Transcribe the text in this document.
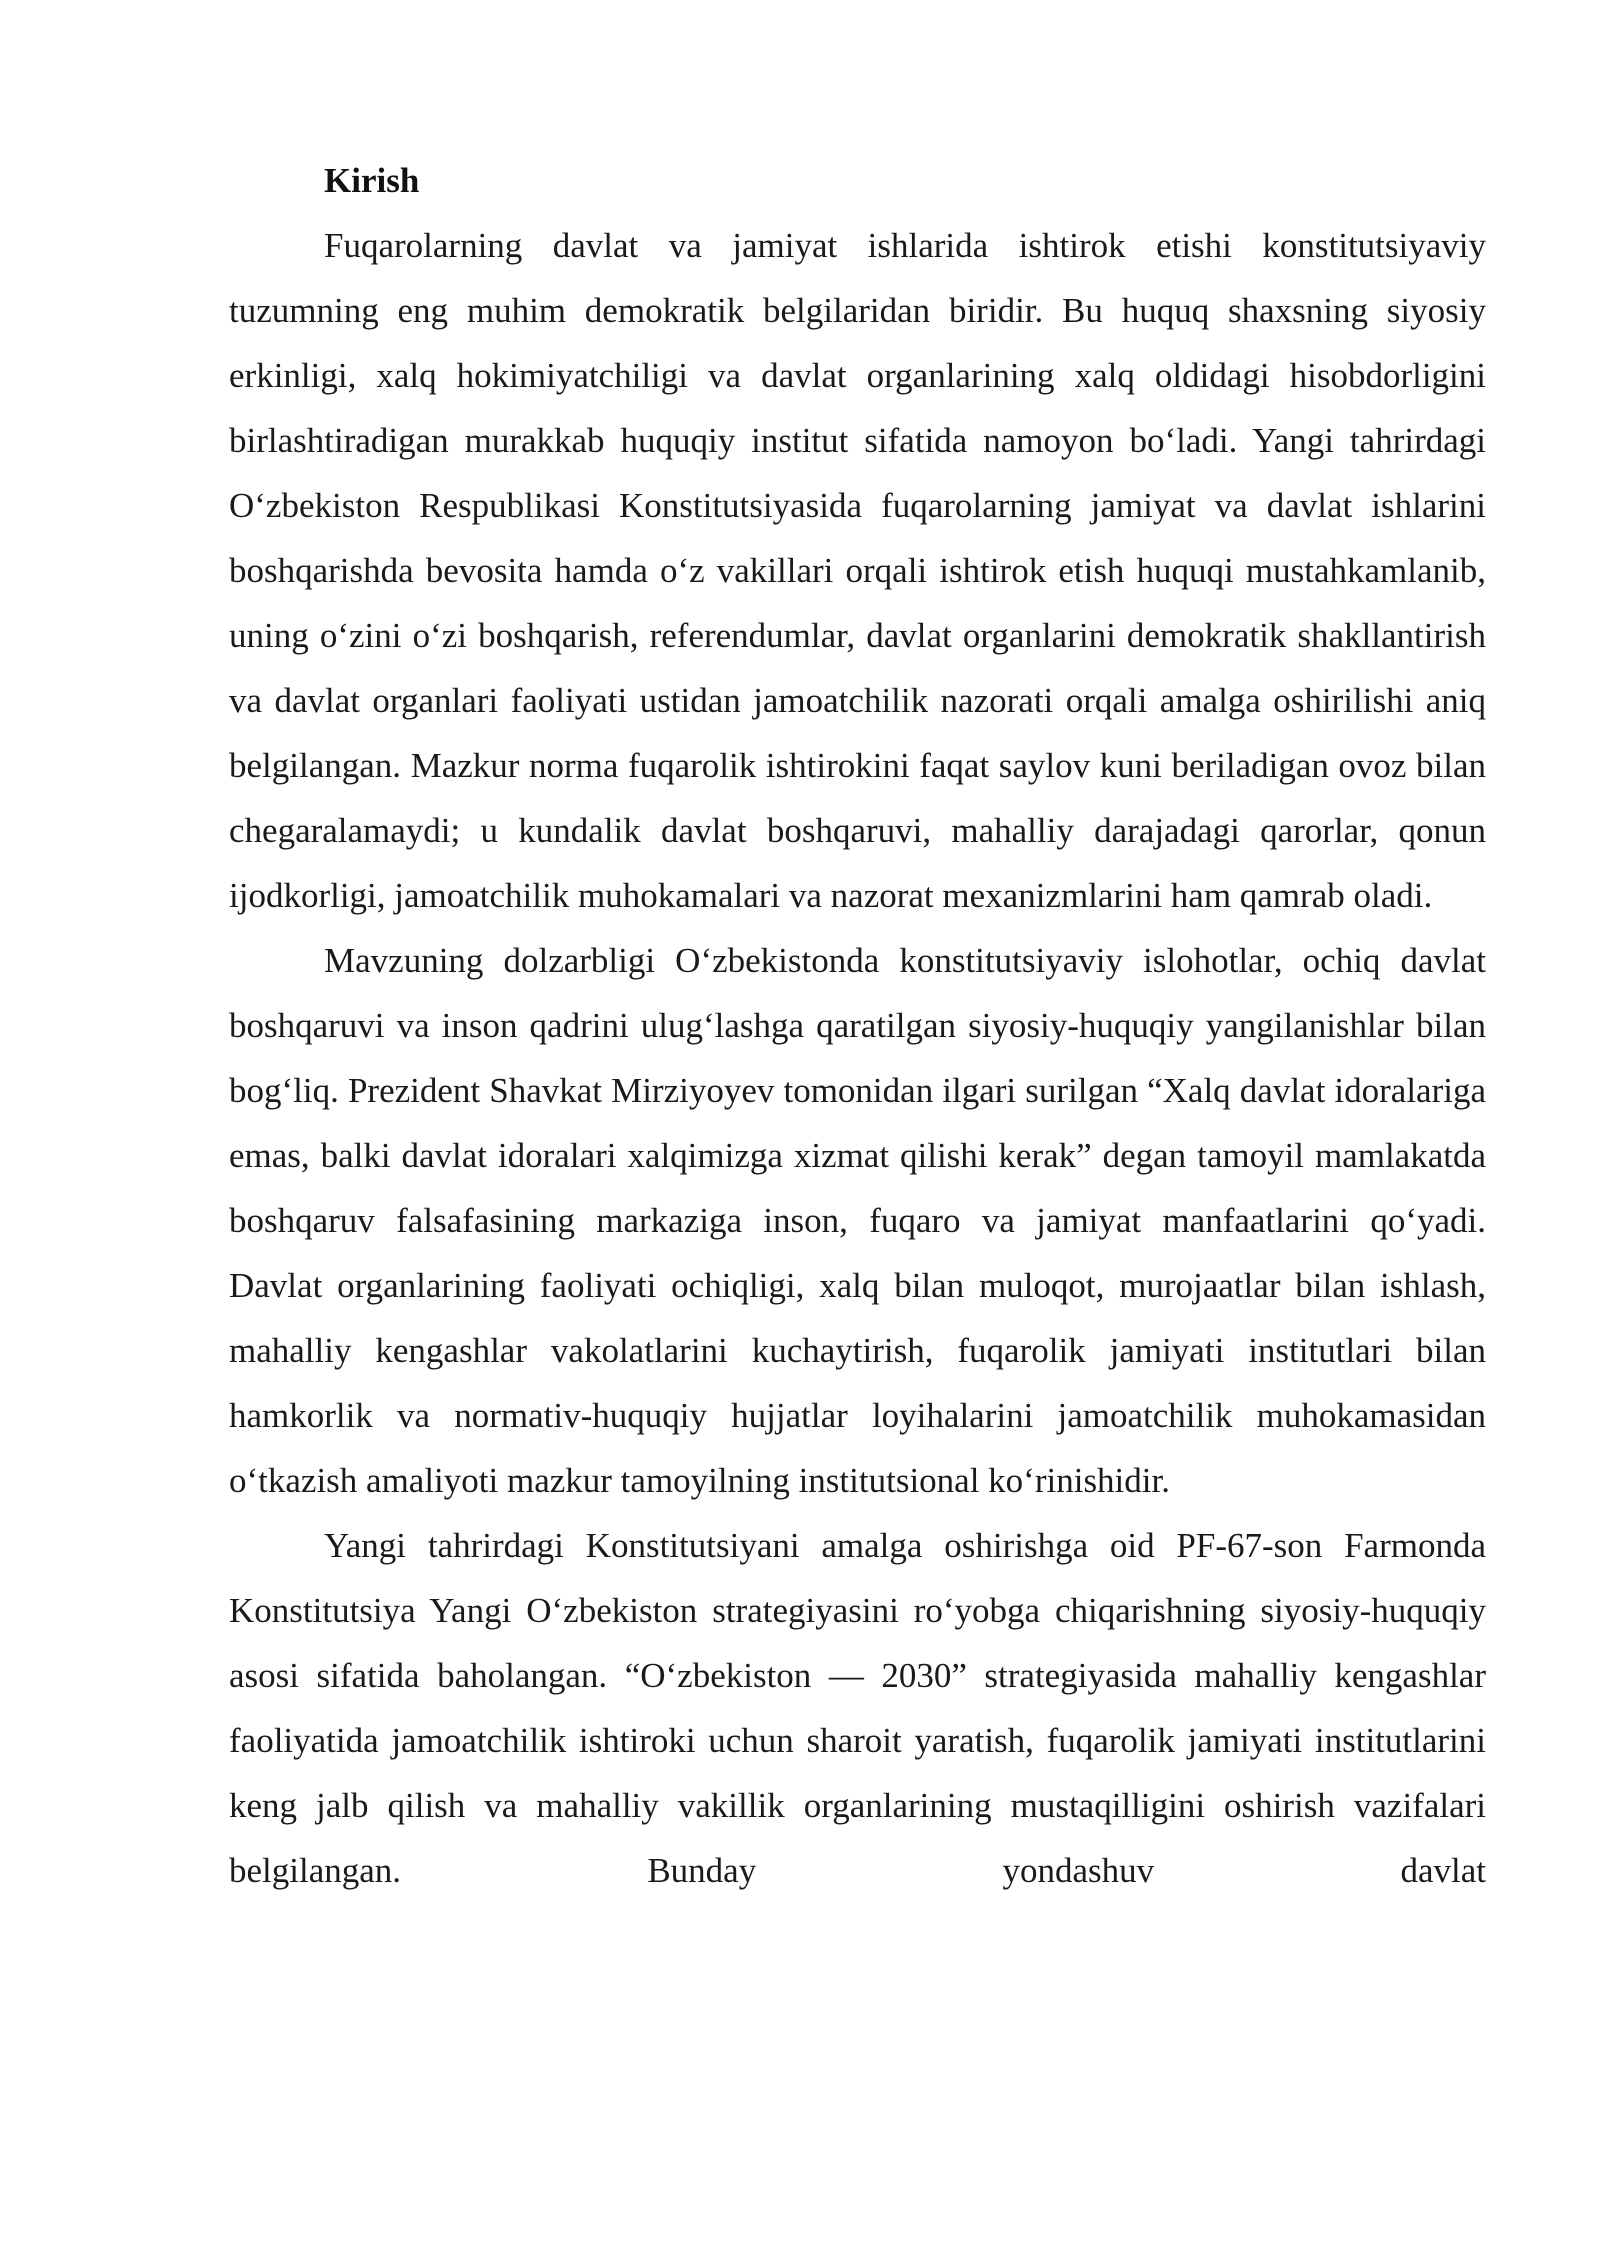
Kirish

Fuqarolarning davlat va jamiyat ishlarida ishtirok etishi konstitutsiyaviy tuzumning eng muhim demokratik belgilaridan biridir. Bu huquq shaxsning siyosiy erkinligi, xalq hokimiyatchiligi va davlat organlarining xalq oldidagi hisobdorligini birlashtiradigan murakkab huquqiy institut sifatida namoyon bo‘ladi. Yangi tahrirdagi O‘zbekiston Respublikasi Konstitutsiyasida fuqarolarning jamiyat va davlat ishlarini boshqarishda bevosita hamda o‘z vakillari orqali ishtirok etish huquqi mustahkamlanib, uning o‘zini o‘zi boshqarish, referendumlar, davlat organlarini demokratik shakllantirish va davlat organlari faoliyati ustidan jamoatchilik nazorati orqali amalga oshirilishi aniq belgilangan. Mazkur norma fuqarolik ishtirokini faqat saylov kuni beriladigan ovoz bilan chegaralamaydi; u kundalik davlat boshqaruvi, mahalliy darajadagi qarorlar, qonun ijodkorligi, jamoatchilik muhokamalari va nazorat mexanizmlarini ham qamrab oladi.

Mavzuning dolzarbligi O‘zbekistonda konstitutsiyaviy islohotlar, ochiq davlat boshqaruvi va inson qadrini ulug‘lashga qaratilgan siyosiy-huquqiy yangilanishlar bilan bog‘liq. Prezident Shavkat Mirziyoyev tomonidan ilgari surilgan “Xalq davlat idoralariga emas, balki davlat idoralari xalqimizga xizmat qilishi kerak” degan tamoyil mamlakatda boshqaruv falsafasining markaziga inson, fuqaro va jamiyat manfaatlarini qo‘yadi. Davlat organlarining faoliyati ochiqligi, xalq bilan muloqot, murojaatlar bilan ishlash, mahalliy kengashlar vakolatlarini kuchaytirish, fuqarolik jamiyati institutlari bilan hamkorlik va normativ-huquqiy hujjatlar loyihalarini jamoatchilik muhokamasidan o‘tkazish amaliyoti mazkur tamoyilning institutsional ko‘rinishidir.

Yangi tahrirdagi Konstitutsiyani amalga oshirishga oid PF-67-son Farmonda Konstitutsiya Yangi O‘zbekiston strategiyasini ro‘yobga chiqarishning siyosiy-huquqiy asosi sifatida baholangan. “O‘zbekiston — 2030” strategiyasida mahalliy kengashlar faoliyatida jamoatchilik ishtiroki uchun sharoit yaratish, fuqarolik jamiyati institutlarini keng jalb qilish va mahalliy vakillik organlarining mustaqilligini oshirish vazifalari belgilangan. Bunday yondashuv davlat
